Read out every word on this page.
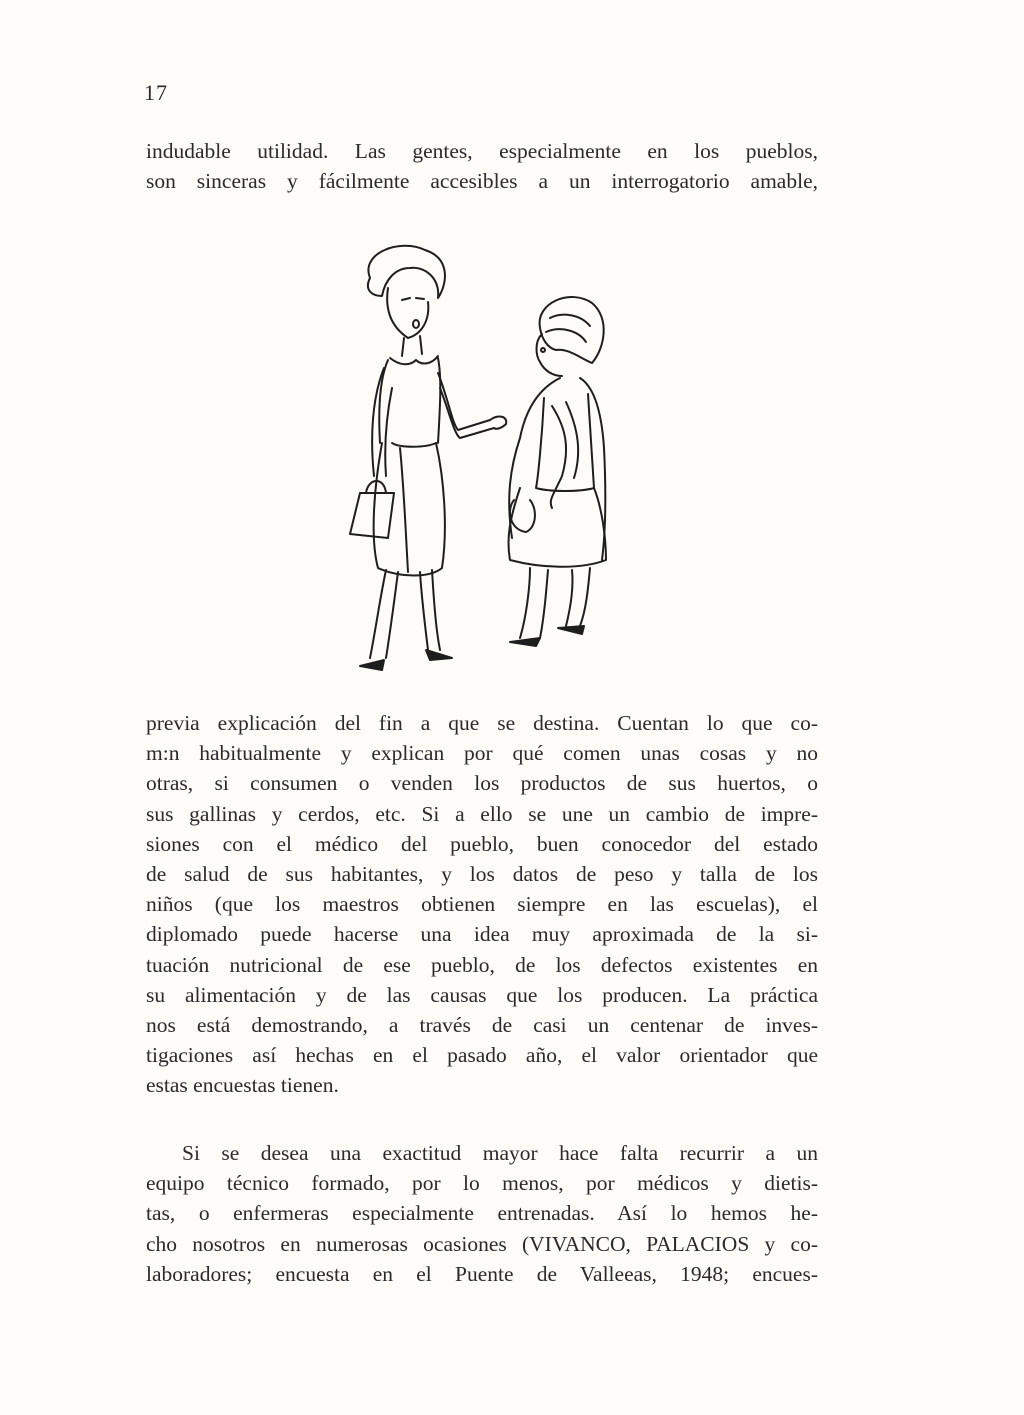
17
indudable utilidad. Las gentes, especialmente en los pueblos,
son sinceras y fácilmente accesibles a un interrogatorio amable,
previa explicación del fin a que se destina. Cuentan lo que co-
m:n habitualmente y explican por qué comen unas cosas y no
otras, si consumen o venden los productos de sus huertos, o
sus gallinas y cerdos, etc. Si a ello se une un cambio de impre-
siones con el médico del pueblo, buen conocedor del estado
de salud de sus habitantes, y los datos de peso y talla de los
niños (que los maestros obtienen siempre en las escuelas), el
diplomado puede hacerse una idea muy aproximada de la si-
tuación nutricional de ese pueblo, de los defectos existentes en
su alimentación y de las causas que los producen. La práctica
nos está demostrando, a través de casi un centenar de inves-
tigaciones así hechas en el pasado año, el valor orientador que
estas encuestas tienen.
Si se desea una exactitud mayor hace falta recurrir a un
equipo técnico formado, por lo menos, por médicos y dietis-
tas, o enfermeras especialmente entrenadas. Así lo hemos he-
cho nosotros en numerosas ocasiones (VIVANCO, PALACIOS y co-
laboradores; encuesta en el Puente de Valleeas, 1948; encues-
